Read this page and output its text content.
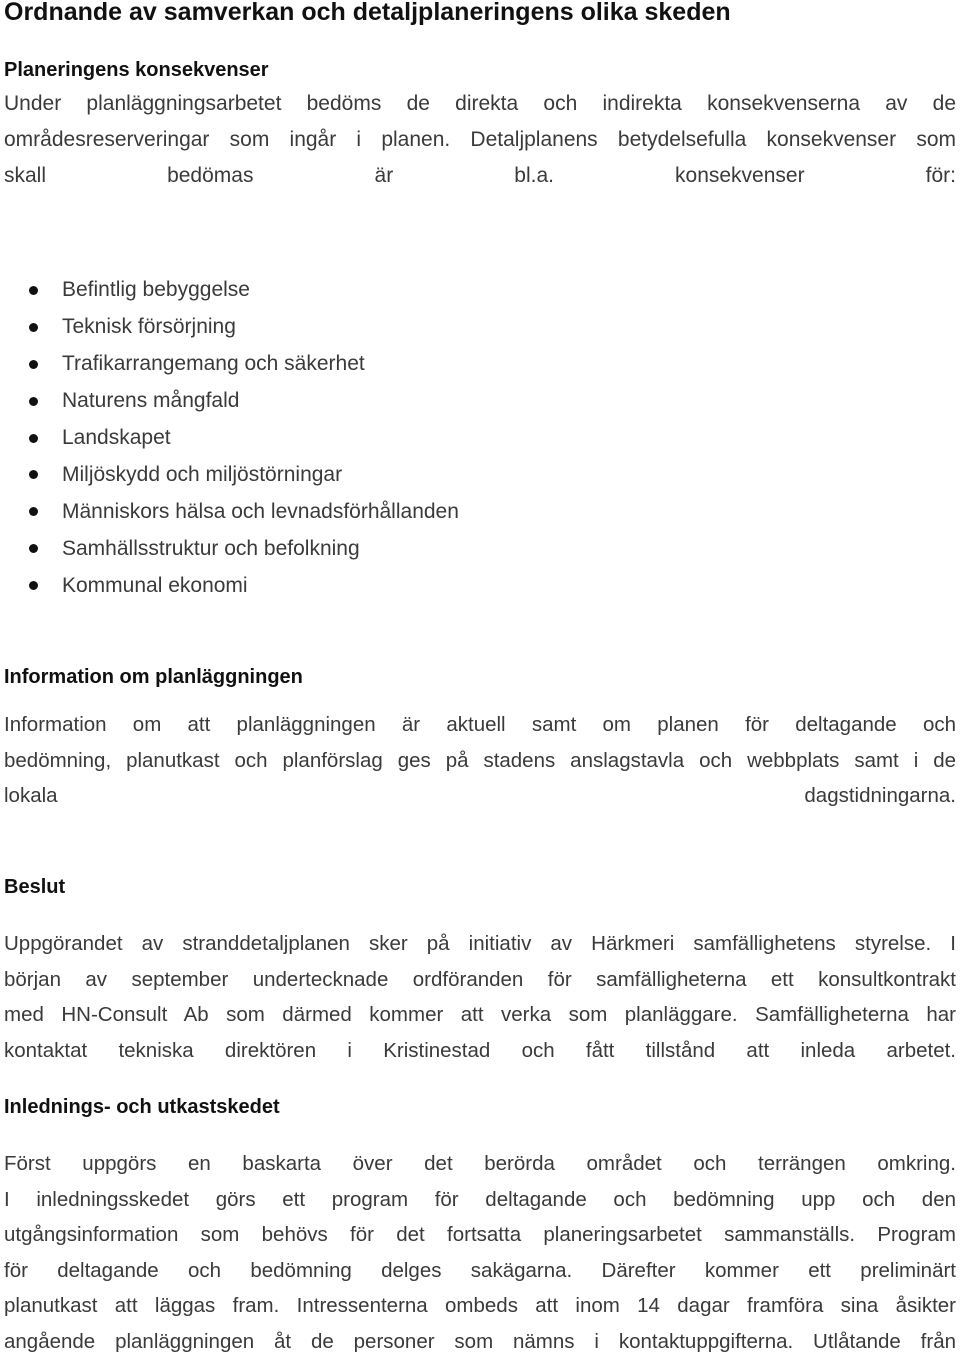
Ordnande av samverkan och detaljplaneringens olika skeden
Planeringens konsekvenser
Under planläggningsarbetet bedöms de direkta och indirekta konsekvenserna av de
områdesreserveringar som ingår i planen. Detaljplanens betydelsefulla konsekvenser som
skall bedömas är bl.a. konsekvenser för:
Befintlig bebyggelse
Teknisk försörjning
Trafikarrangemang och säkerhet
Naturens mångfald
Landskapet
Miljöskydd och miljöstörningar
Människors hälsa och levnadsförhållanden
Samhällsstruktur och befolkning
Kommunal ekonomi
Information om planläggningen
Information om att planläggningen är aktuell samt om planen för deltagande och
bedömning, planutkast och planförslag ges på stadens anslagstavla och webbplats samt i de
lokala dagstidningarna.
Beslut
Uppgörandet av stranddetaljplanen sker på initiativ av Härkmeri samfällighetens styrelse. I
början av september undertecknade ordföranden för samfälligheterna ett konsultkontrakt
med HN-Consult Ab som därmed kommer att verka som planläggare. Samfälligheterna har
kontaktat tekniska direktören i Kristinestad och fått tillstånd att inleda arbetet.
Inlednings- och utkastskedet
Först uppgörs en baskarta över det berörda området och terrängen omkring.
I inledningsskedet görs ett program för deltagande och bedömning upp och den
utgångsinformation som behövs för det fortsatta planeringsarbetet sammanställs. Program
för deltagande och bedömning delges sakägarna. Därefter kommer ett preliminärt
planutkast att läggas fram. Intressenterna ombeds att inom 14 dagar framföra sina åsikter
angående planläggningen åt de personer som nämns i kontaktuppgifterna. Utlåtande från
